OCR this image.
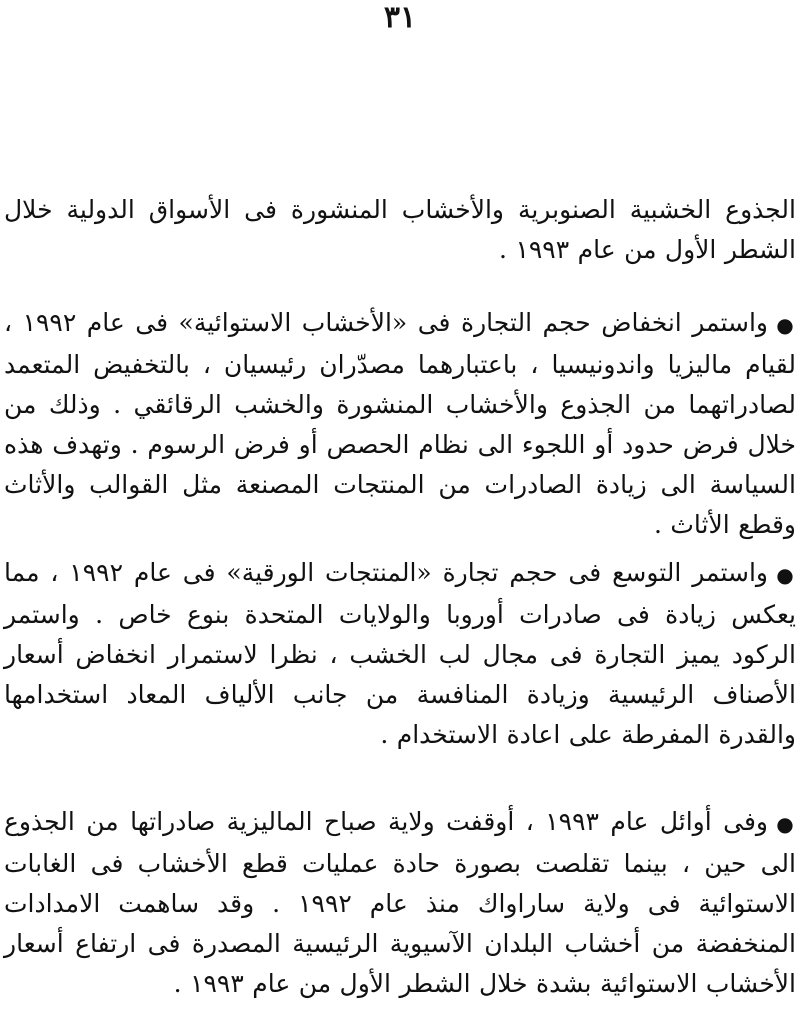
٣١

الجذوع الخشبية الصنوبرية والأخشاب المنشورة فى الأسواق الدولية خلال الشطر الأول من عام ١٩٩٣ .

●واستمر انخفاض حجم التجارة فى «الأخشاب الاستوائية» فى عام ١٩٩٢ ، لقيام ماليزيا واندونيسيا ، باعتبارهما مصدّران رئيسيان ، بالتخفيض المتعمد لصادراتهما من الجذوع والأخشاب المنشورة والخشب الرقائقي . وذلك من خلال فرض حدود أو اللجوء الى نظام الحصص أو فرض الرسوم . وتهدف هذه السياسة الى زيادة الصادرات من المنتجات المصنعة مثل القوالب والأثاث وقطع الأثاث .

●واستمر التوسع فى حجم تجارة «المنتجات الورقية» فى عام ١٩٩٢ ، مما يعكس زيادة فى صادرات أوروبا والولايات المتحدة بنوع خاص . واستمر الركود يميز التجارة فى مجال لب الخشب ، نظرا لاستمرار انخفاض أسعار الأصناف الرئيسية وزيادة المنافسة من جانب الألياف المعاد استخدامها والقدرة المفرطة على اعادة الاستخدام .

●وفى أوائل عام ١٩٩٣ ، أوقفت ولاية صباح الماليزية صادراتها من الجذوع الى حين ، بينما تقلصت بصورة حادة عمليات قطع الأخشاب فى الغابات الاستوائية فى ولاية ساراواك منذ عام ١٩٩٢ . وقد ساهمت الامدادات المنخفضة من أخشاب البلدان الآسيوية الرئيسية المصدرة فى ارتفاع أسعار الأخشاب الاستوائية بشدة خلال الشطر الأول من عام ١٩٩٣ .
